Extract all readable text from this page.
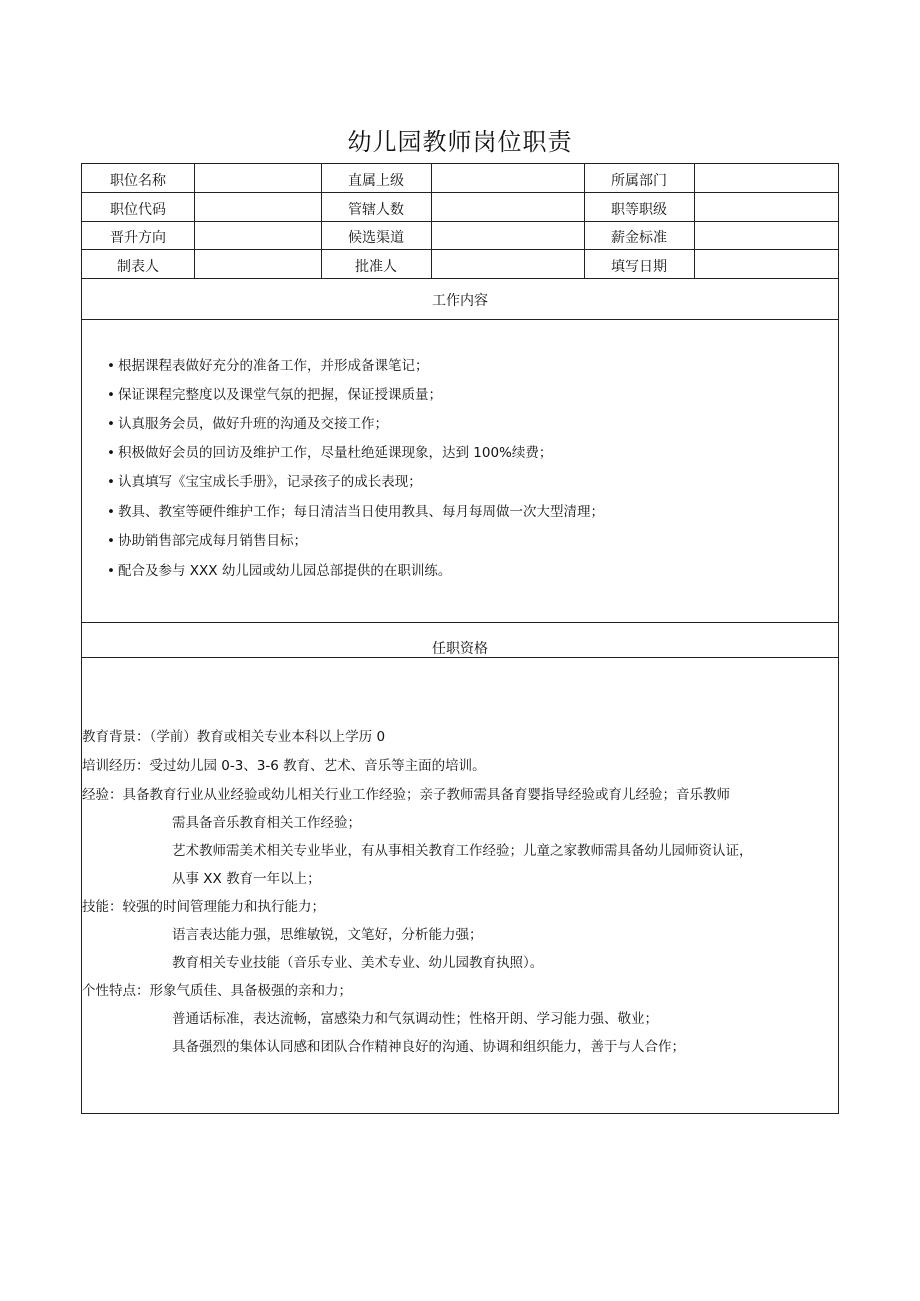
幼儿园教师岗位职责
职位名称	直属上级	所属部门
职位代码	管辖人数	职等职级
晋升方向	候选渠道	薪金标准
制表人	批准人	填写日期
工作内容
• 根据课程表做好充分的准备工作，并形成备课笔记；
• 保证课程完整度以及课堂气氛的把握，保证授课质量；
• 认真服务会员，做好升班的沟通及交接工作；
• 积极做好会员的回访及维护工作，尽量杜绝延课现象，达到 100%续费；
• 认真填写《宝宝成长手册》，记录孩子的成长表现；
• 教具、教室等硬件维护工作；每日清洁当日使用教具、每月每周做一次大型清理；
• 协助销售部完成每月销售目标；
• 配合及参与 XXX 幼儿园或幼儿园总部提供的在职训练。
任职资格
教育背景：（学前）教育或相关专业本科以上学历 0
培训经历：受过幼儿园 0-3、3-6 教育、艺术、音乐等主面的培训。
经验：具备教育行业从业经验或幼儿相关行业工作经验；亲子教师需具备育婴指导经验或育儿经验；音乐教师
需具备音乐教育相关工作经验；
艺术教师需美术相关专业毕业，有从事相关教育工作经验；儿童之家教师需具备幼儿园师资认证，
从事 XX 教育一年以上；
技能：较强的时间管理能力和执行能力；
语言表达能力强，思维敏锐，文笔好，分析能力强；
教育相关专业技能（音乐专业、美术专业、幼儿园教育执照）。
个性特点：形象气质佳、具备极强的亲和力；
普通话标准，表达流畅，富感染力和气氛调动性；性格开朗、学习能力强、敬业；
具备强烈的集体认同感和团队合作精神良好的沟通、协调和组织能力，善于与人合作；
